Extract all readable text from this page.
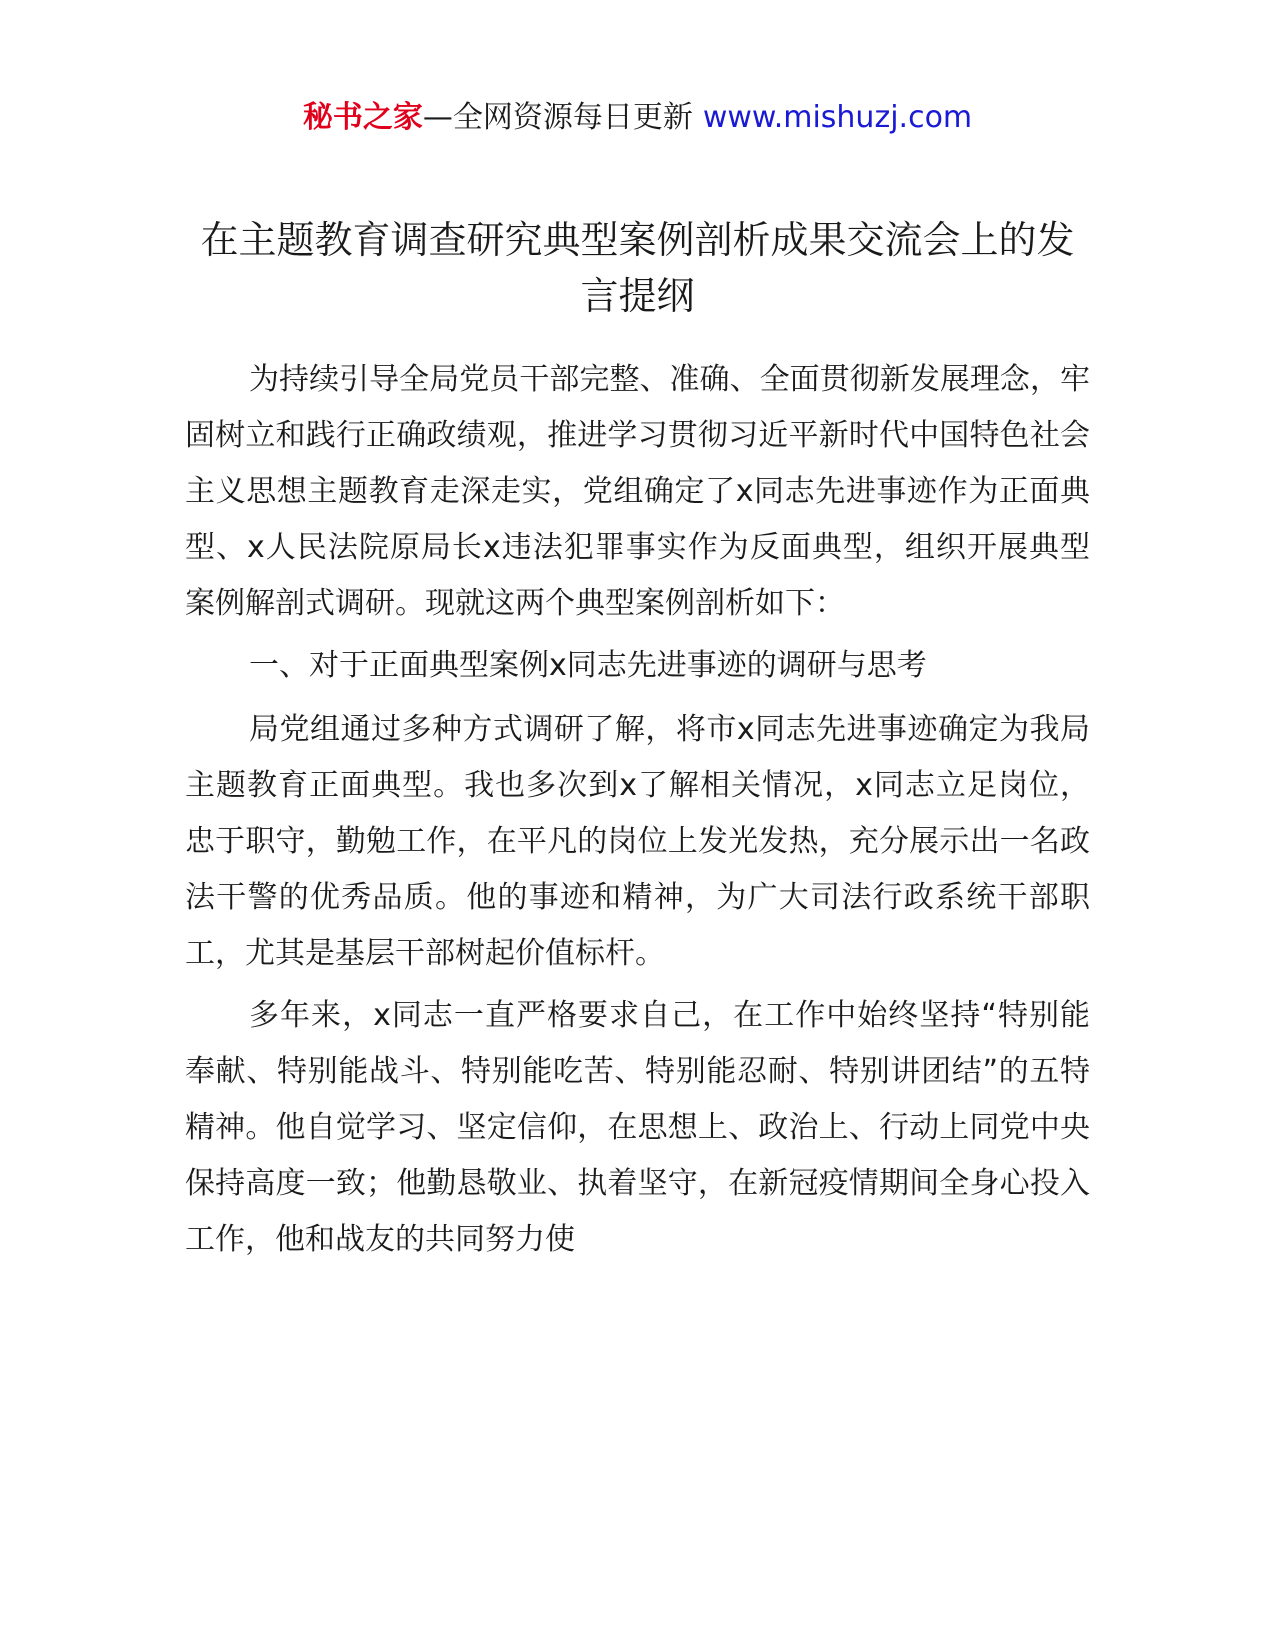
秘书之家—全网资源每日更新 www.mishuzj.com
在主题教育调查研究典型案例剖析成果交流会上的发言提纲

为持续引导全局党员干部完整、准确、全面贯彻新发展理念，牢固树立和践行正确政绩观，推进学习贯彻习近平新时代中国特色社会主义思想主题教育走深走实，党组确定了x同志先进事迹作为正面典型、x人民法院原局长x违法犯罪事实作为反面典型，组织开展典型案例解剖式调研。现就这两个典型案例剖析如下：

一、对于正面典型案例x同志先进事迹的调研与思考

局党组通过多种方式调研了解，将市x同志先进事迹确定为我局主题教育正面典型。我也多次到x了解相关情况，x同志立足岗位，忠于职守，勤勉工作，在平凡的岗位上发光发热，充分展示出一名政法干警的优秀品质。他的事迹和精神，为广大司法行政系统干部职工，尤其是基层干部树起价值标杆。

多年来，x同志一直严格要求自己，在工作中始终坚持“特别能奉献、特别能战斗、特别能吃苦、特别能忍耐、特别讲团结”的五特精神。他自觉学习、坚定信仰，在思想上、政治上、行动上同党中央保持高度一致；他勤恳敬业、执着坚守，在新冠疫情期间全身心投入工作，他和战友的共同努力使
